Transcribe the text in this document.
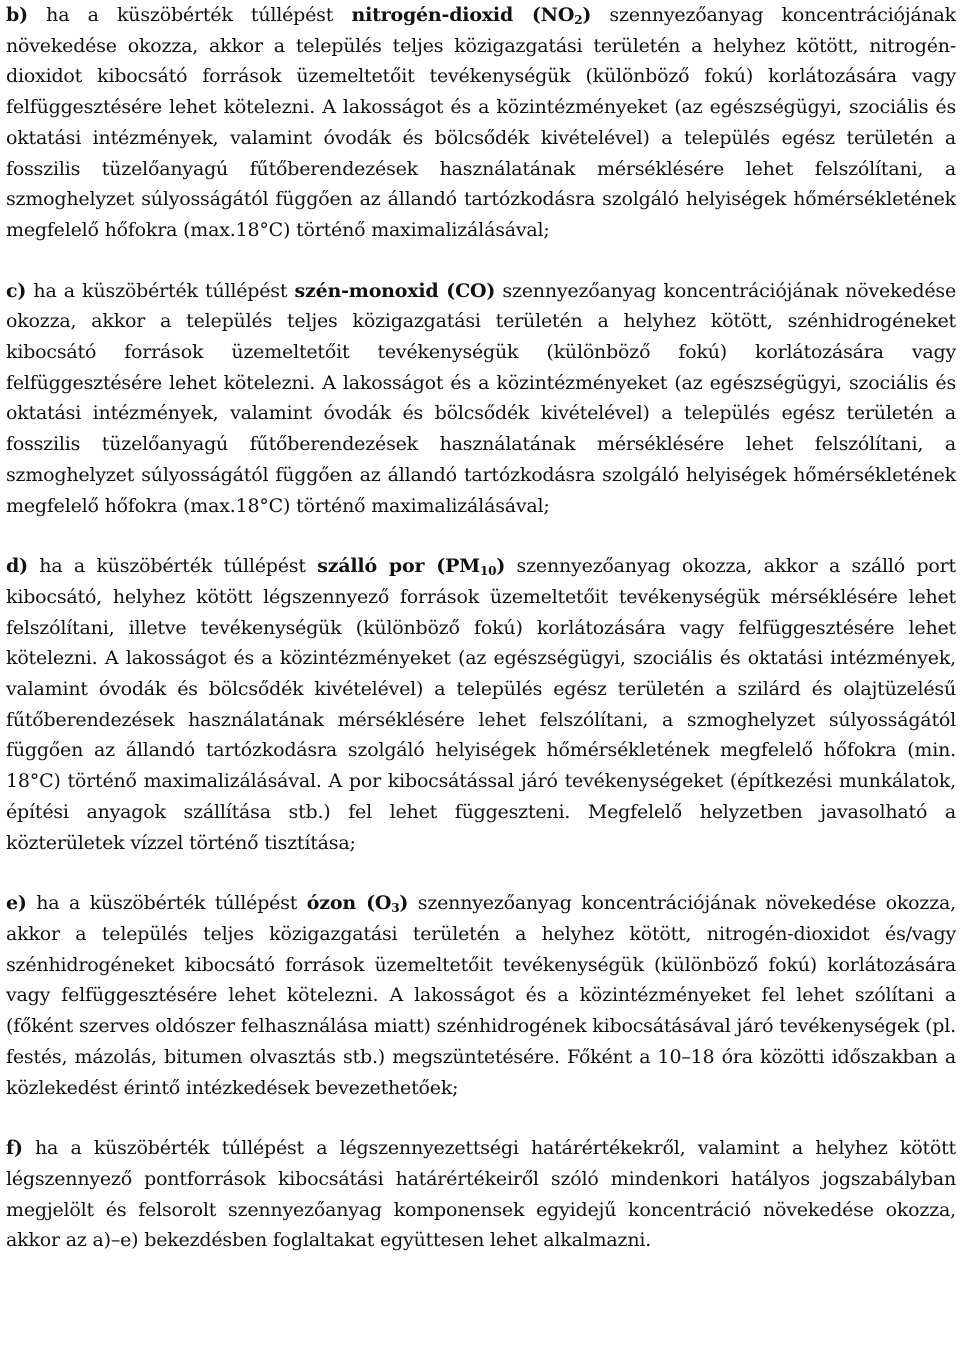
b) ha a küszöbérték túllépést nitrogén-dioxid $(NO_2)$ szennyezőanyag koncentrációjának növekedése okozza, akkor a település teljes közigazgatási területén a helyhez kötött, nitrogén-dioxidot kibocsátó források üzemeltetőit tevékenységük (különböző fokú) korlátozására vagy felfüggesztésére lehet kötelezni. A lakosságot és a közintézményeket (az egészségügyi, szociális és oktatási intézmények, valamint óvodák és bölcsődék kivételével) a település egész területén a fosszilis tüzelőanyagú fűtőberendezések használatának mérséklésére lehet felszólítani, a szmoghelyzet súlyosságától függően az állandó tartózkodásra szolgáló helyiségek hőmérsékletének megfelelő hőfokra (max.18°C) történő maximalizálásával;

c) ha a küszöbérték túllépést szén-monoxid (CO) szennyezőanyag koncentrációjának növekedése okozza, akkor a település teljes közigazgatási területén a helyhez kötött, szénhidrogéneket kibocsátó források üzemeltetőit tevékenységük (különböző fokú) korlátozására vagy felfüggesztésére lehet kötelezni. A lakosságot és a közintézményeket (az egészségügyi, szociális és oktatási intézmények, valamint óvodák és bölcsődék kivételével) a település egész területén a fosszilis tüzelőanyagú fűtőberendezések használatának mérséklésére lehet felszólítani, a szmoghelyzet súlyosságától függően az állandó tartózkodásra szolgáló helyiségek hőmérsékletének megfelelő hőfokra (max.18°C) történő maximalizálásával;

d) ha a küszöbérték túllépést szálló por $(PM_{10})$ szennyezőanyag okozza, akkor a szálló port kibocsátó, helyhez kötött légszennyező források üzemeltetőit tevékenységük mérséklésére lehet felszólítani, illetve tevékenységük (különböző fokú) korlátozására vagy felfüggesztésére lehet kötelezni. A lakosságot és a közintézményeket (az egészségügyi, szociális és oktatási intézmények, valamint óvodák és bölcsődék kivételével) a település egész területén a szilárd és olajtüzelésű fűtőberendezések használatának mérséklésére lehet felszólítani, a szmoghelyzet súlyosságától függően az állandó tartózkodásra szolgáló helyiségek hőmérsékletének megfelelő hőfokra (min. 18°C) történő maximalizálásával. A por kibocsátással járó tevékenységeket (építkezési munkálatok, építési anyagok szállítása stb.) fel lehet függeszteni. Megfelelő helyzetben javasolható a közterületek vízzel történő tisztítása;

e) ha a küszöbérték túllépést ózon $(O_3)$ szennyezőanyag koncentrációjának növekedése okozza, akkor a település teljes közigazgatási területén a helyhez kötött, nitrogén-dioxidot és/vagy szénhidrogéneket kibocsátó források üzemeltetőit tevékenységük (különböző fokú) korlátozására vagy felfüggesztésére lehet kötelezni. A lakosságot és a közintézményeket fel lehet szólítani a (főként szerves oldószer felhasználása miatt) szénhidrogének kibocsátásával járó tevékenységek (pl. festés, mázolás, bitumen olvasztás stb.) megszüntetésére. Főként a 10–18 óra közötti időszakban a közlekedést érintő intézkedések bevezethetőek;

f) ha a küszöbérték túllépést a légszennyezettségi határértékekről, valamint a helyhez kötött légszennyező pontforrások kibocsátási határértékeiről szóló mindenkori hatályos jogszabályban megjelölt és felsorolt szennyezőanyag komponensek egyidejű koncentráció növekedése okozza, akkor az a)–e) bekezdésben foglaltakat együttesen lehet alkalmazni.
